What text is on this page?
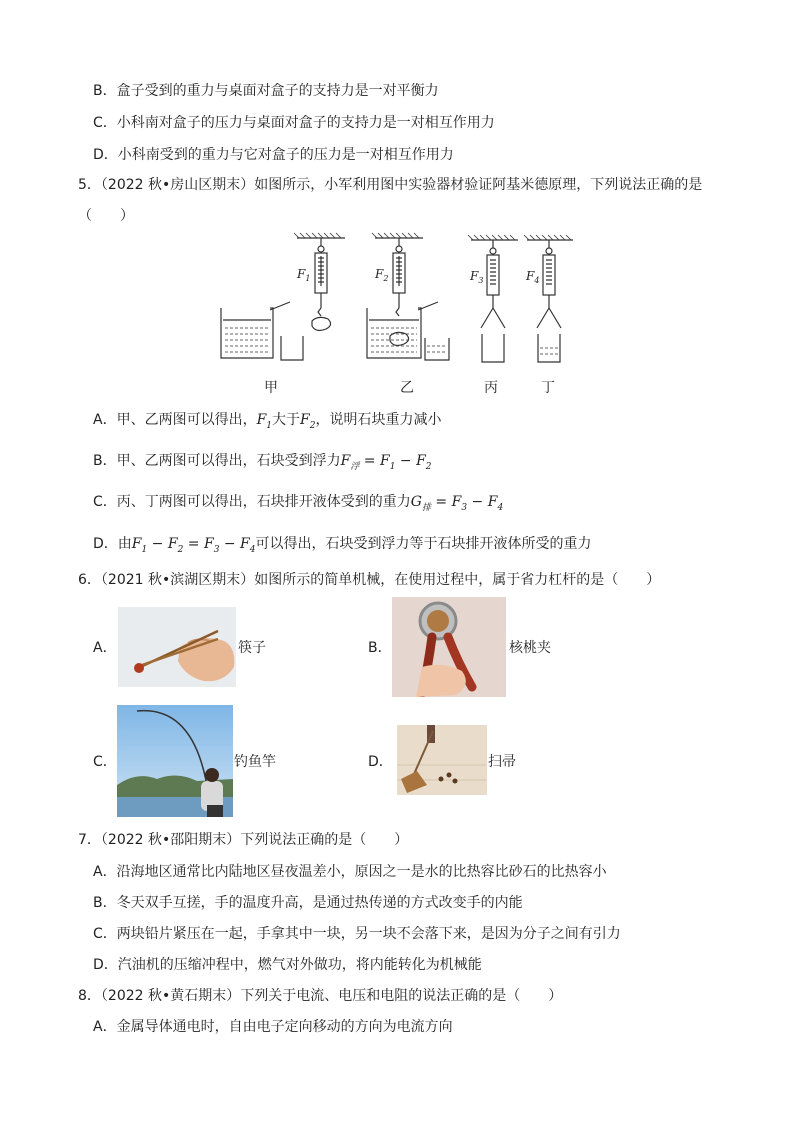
B．盒子受到的重力与桌面对盒子的支持力是一对平衡力
C．小科南对盒子的压力与桌面对盒子的支持力是一对相互作用力
D．小科南受到的重力与它对盒子的压力是一对相互作用力
5．（2022 秋•房山区期末）如图所示，小军利用图中实验器材验证阿基米德原理，下列说法正确的是
（　　）
$F_1$	$F_2$	$F_3$	$F_4$
甲	乙	丙	丁
A．甲、乙两图可以得出，$F_1$大于$F_2$，说明石块重力减小
B．甲、乙两图可以得出，石块受到浮力$F_浮 = F_1 - F_2$
C．丙、丁两图可以得出，石块排开液体受到的重力$G_排 = F_3 - F_4$
D．由$F_1 - F_2 = F_3 - F_4$可以得出，石块受到浮力等于石块排开液体所受的重力
6．（2021 秋•滨湖区期末）如图所示的简单机械，在使用过程中，属于省力杠杆的是（　　）
A．	筷子	B．	核桃夹
C．	钓鱼竿	D．	扫帚
7．（2022 秋•邵阳期末）下列说法正确的是（　　）
A．沿海地区通常比内陆地区昼夜温差小，原因之一是水的比热容比砂石的比热容小
B．冬天双手互搓，手的温度升高，是通过热传递的方式改变手的内能
C．两块铅片紧压在一起，手拿其中一块，另一块不会落下来，是因为分子之间有引力
D．汽油机的压缩冲程中，燃气对外做功，将内能转化为机械能
8．（2022 秋•黄石期末）下列关于电流、电压和电阻的说法正确的是（　　）
A．金属导体通电时，自由电子定向移动的方向为电流方向
